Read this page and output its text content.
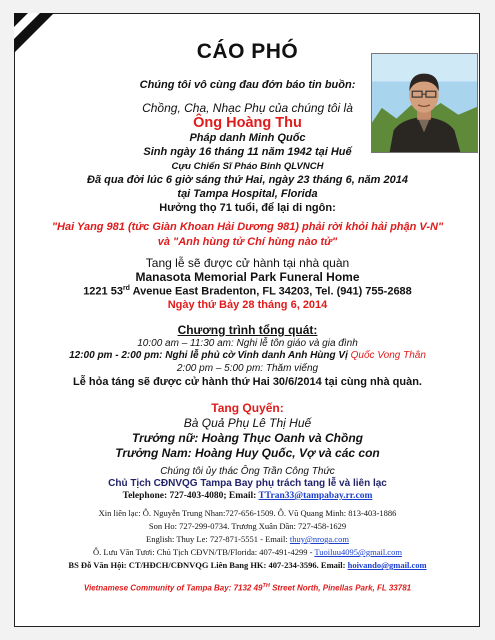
CÁO PHÓ
Chúng tôi vô cùng đau đớn báo tin buồn:
Chồng, Cha, Nhạc Phụ của chúng tôi là
Ông Hoàng Thu
Pháp danh Minh Quốc
Sinh ngày 16 tháng 11 năm 1942 tại Huế
Cựu Chiến Sĩ Pháo Binh QLVNCH
Đã qua đời lúc 6 giờ sáng thứ Hai, ngày 23 tháng 6, năm 2014
tại Tampa Hospital, Florida
Hưởng thọ 71 tuổi, để lại di ngôn:
"Hai Yang 981 (tức Giàn Khoan Hải Dương 981) phải rời khỏi hải phận V-N"
và "Anh hùng tử Chí hùng nào tử"
Tang lễ sẽ được cử hành tại nhà quàn
Manasota Memorial Park Funeral Home
1221 53rd Avenue East Bradenton, FL 34203, Tel. (941) 755-2688
Ngày thứ Bảy 28 tháng 6, 2014
Chương trình tổng quát:
10:00 am – 11:30 am: Nghi lễ tôn giáo và gia đình
12:00 pm - 2:00 pm: Nghi lễ phủ cờ Vinh danh Anh Hùng Vị Quốc Vong Thân
2:00 pm – 5:00 pm: Thăm viếng
Lễ hỏa táng sẽ được cử hành thứ Hai 30/6/2014 tại cùng nhà quàn.
Tang Quyến:
Bà Quả Phụ Lê Thị Huế
Trưởng nữ: Hoàng Thục Oanh và Chồng
Trưởng Nam: Hoàng Huy Quốc, Vợ và các con
Chúng tôi ủy thác Ông Trần Công Thức
Chủ Tịch CĐNVQG Tampa Bay phụ trách tang lễ và liên lạc
Telephone: 727-403-4080; Email: TTran33@tampabay.rr.com
Xin liên lạc: Ô. Nguyễn Trung Nhan:727-656-1509. Ô. Vũ Quang Minh: 813-403-1886
Son Ho: 727-299-0734. Trương Xuân Dần: 727-458-1629
English: Thuy Le: 727-871-5551 - Email: thuy@nroga.com
Ô. Lưu Văn Tươi: Chủ Tịch CĐVN/TB/Florida: 407-491-4299 - Tuoiluu4095@gmail.com
BS Đỗ Văn Hội: CT/HĐCH/CĐNVQG Liên Bang HK: 407-234-3596. Email: hoivando@gmail.com
Vietnamese Community of Tampa Bay: 7132 49TH Street North, Pinellas Park, FL 33781
